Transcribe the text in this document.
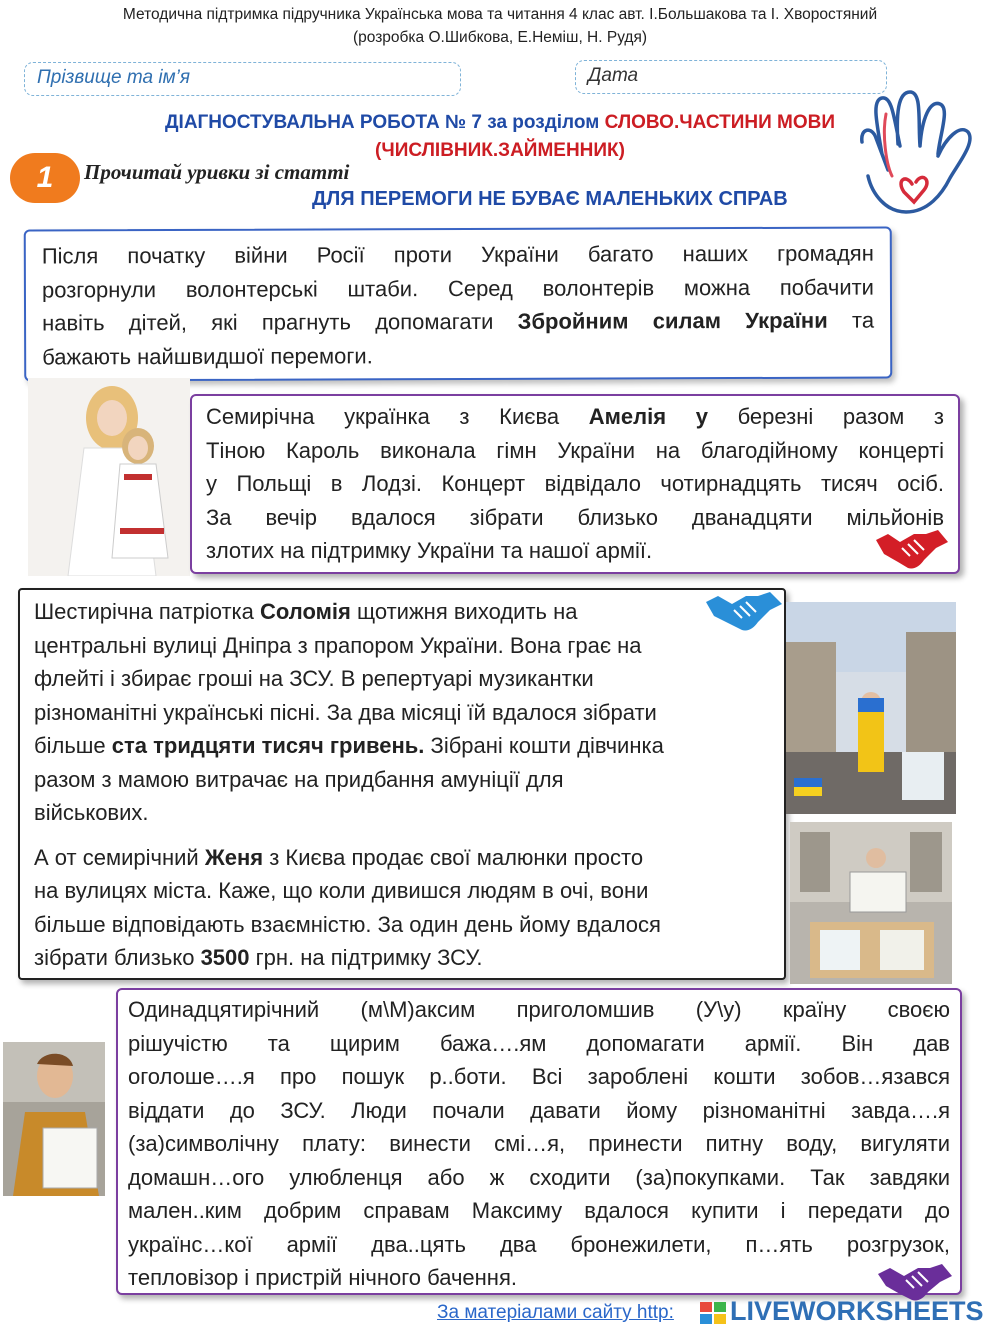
Методична підтримка підручника Українська мова та читання 4 клас авт. І.Большакова та І. Хворостяний
(розробка О.Шибкова, Е.Неміш, Н. Рудя)
Прізвище та ім’я	Дата
ДІАГНОСТУВАЛЬНА РОБОТА № 7 за розділом СЛОВО.ЧАСТИНИ МОВИ
(ЧИСЛІВНИК.ЗАЙМЕННИК)
1	Прочитай уривки зі статті
ДЛЯ ПЕРЕМОГИ НЕ БУВАЄ МАЛЕНЬКИХ СПРАВ
Після початку війни Росії проти України багато наших громадян
розгорнули волонтерські штаби. Серед волонтерів можна побачити
навіть дітей, які прагнуть допомагати Збройним силам України та
бажають найшвидшої перемоги.
Семирічна українка з Києва Амелія у березні разом з
Тіною Кароль виконала гімн України на благодійному концерті
у Польщі в Лодзі. Концерт відвідало чотирнадцять тисяч осіб.
За вечір вдалося зібрати близько дванадцяти мільйонів
злотих на підтримку України та нашої армії.
Шестирічна патріотка Соломія щотижня виходить на
центральні вулиці Дніпра з прапором України. Вона грає на
флейті і збирає гроші на ЗСУ. В репертуарі музикантки
різноманітні українські пісні. За два місяці їй вдалося зібрати
більше ста тридцяти тисяч гривень. Зібрані кошти дівчинка
разом з мамою витрачає на придбання амуніції для
військових.
А от семирічний Женя з Києва продає свої малюнки просто
на вулицях міста. Каже, що коли дивишся людям в очі, вони
більше відповідають взаємністю. За один день йому вдалося
зібрати близько 3500 грн. на підтримку ЗСУ.
Одинадцятирічний (м\М)аксим приголомшив (У\у) країну своєю
рішучістю та щирим бажа….ям допомагати армії. Він дав
оголоше….я про пошук р..боти. Всі зароблені кошти зобов…язався
віддати до ЗСУ. Люди почали давати йому різноманітні завда….я
(за)символічну плату: винести смі…я, принести питну воду, вигуляти
домашн…ого улюбленця або ж сходити (за)покупками. Так завдяки
мален..ким добрим справам Максиму вдалося купити і передати до
українс…кої армії два..цять два бронежилети, п…ять розгрузок,
тепловізор і пристрій нічного бачення.
За матеріалами сайту http: LIVEWORKSHEETS
